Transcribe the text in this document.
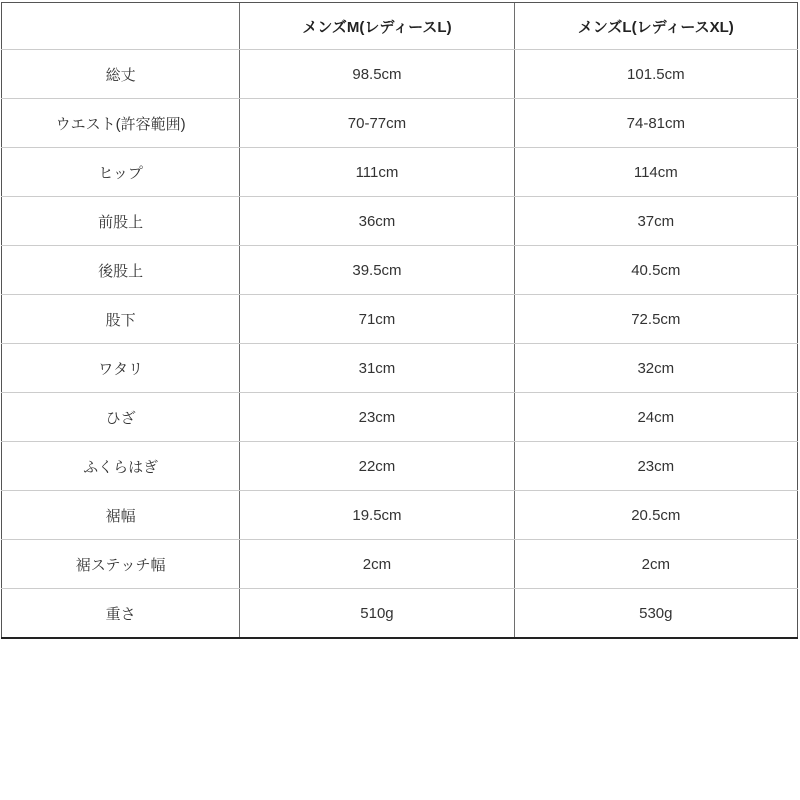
	メンズM(レディースL)	メンズL(レディースXL)
総丈	98.5cm	101.5cm
ウエスト(許容範囲)	70-77cm	74-81cm
ヒップ	111cm	114cm
前股上	36cm	37cm
後股上	39.5cm	40.5cm
股下	71cm	72.5cm
ワタリ	31cm	32cm
ひざ	23cm	24cm
ふくらはぎ	22cm	23cm
裾幅	19.5cm	20.5cm
裾ステッチ幅	2cm	2cm
重さ	510g	530g
